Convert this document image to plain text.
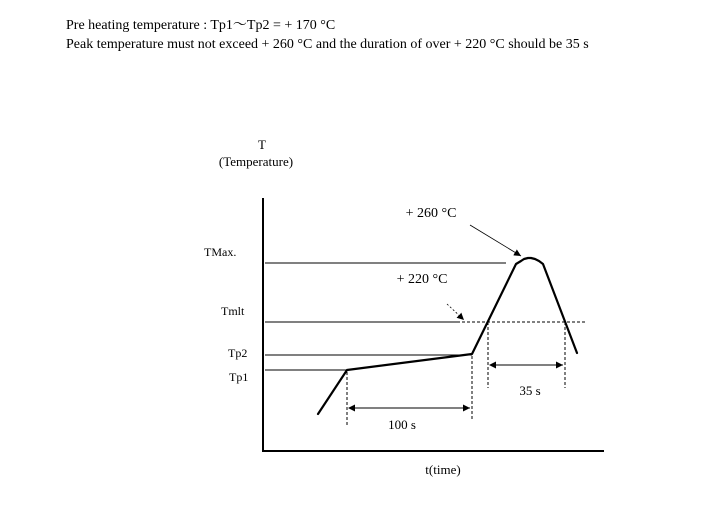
Pre heating temperature : Tp1～Tp2 = + 170 °C
Peak temperature must not exceed + 260 °C and the duration of over + 220 °C should be 35 s
T
(Temperature)
t(time)
TMax.
Tmlt
Tp2
Tp1
100 s
35 s
+ 260 °C
+ 220 °C
